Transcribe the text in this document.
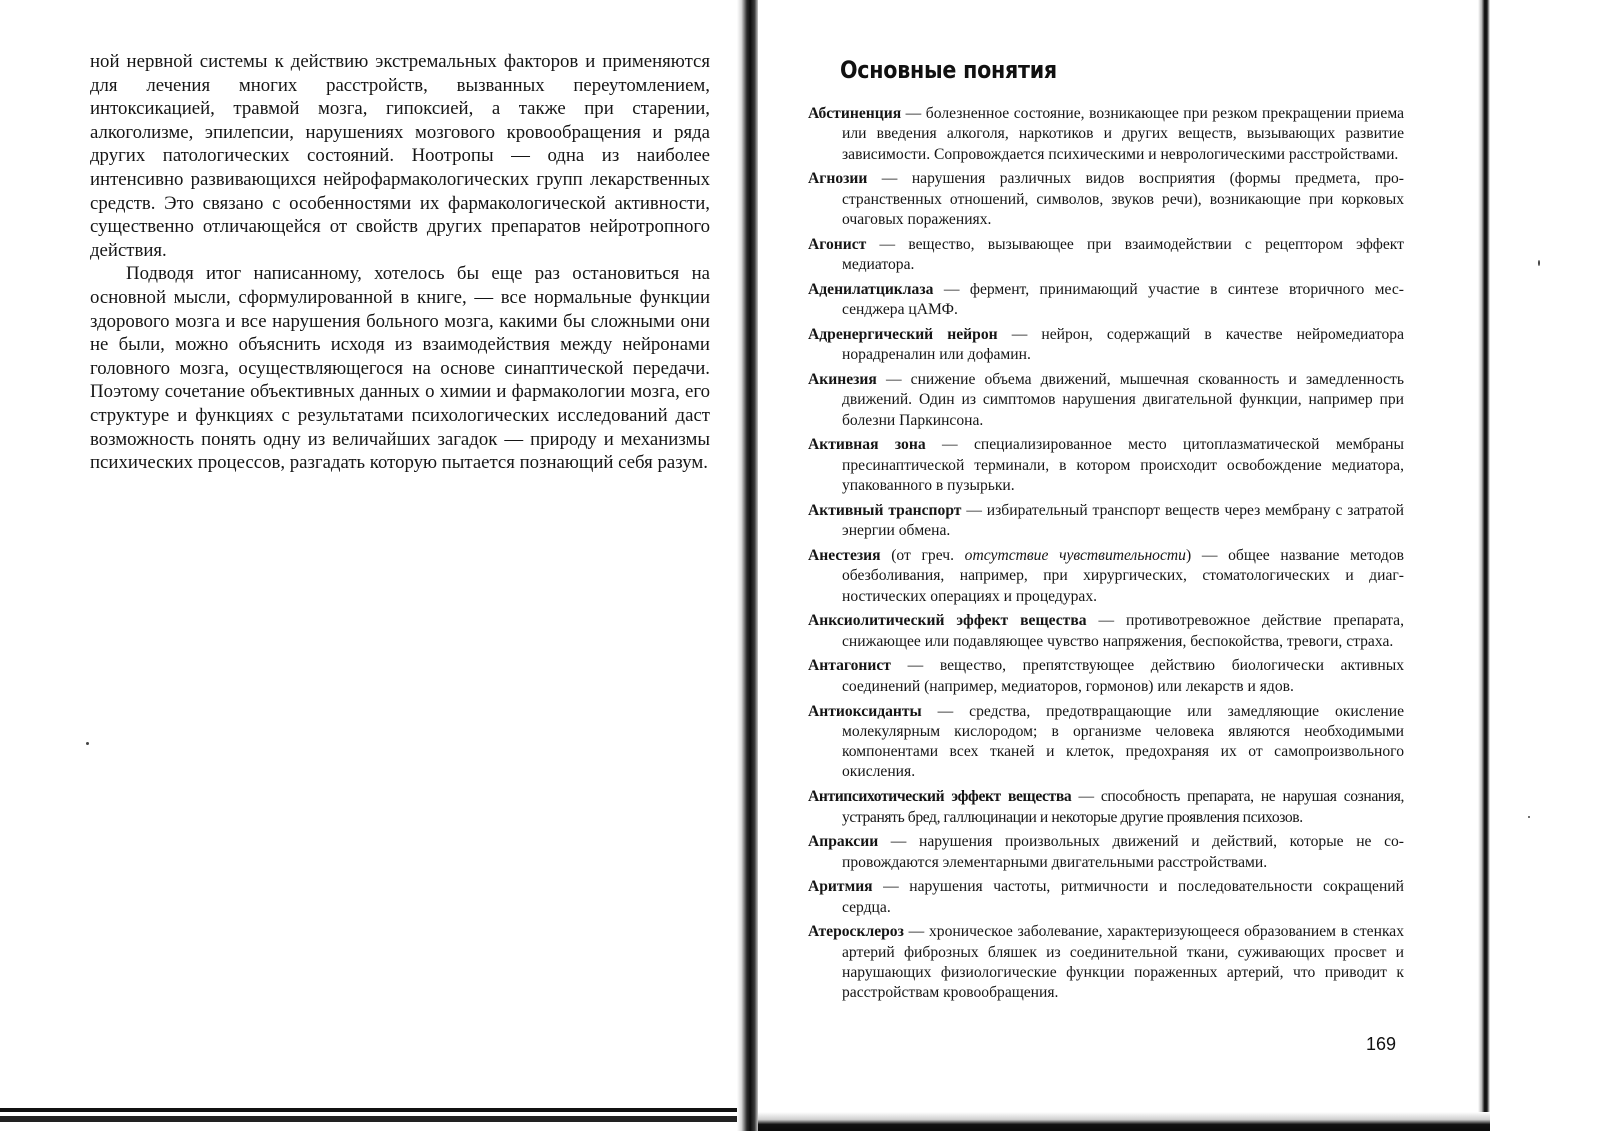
ной нервной системы к действию экстремальных факторов и применяются для лечения многих расстройств, вызванных переутомлением, интоксикацией, травмой мозга, гипоксией, а также при старении, алкоголизме, эпилепсии, нарушениях мозгового кровообращения и ряда других патологических состояний. Ноотропы — одна из наиболее интенсивно развивающихся нейрофармакологических групп лекарственных средств. Это связано с особенностями их фармакологической активности, существенно отличающейся от свойств других препаратов нейротропного действия.

Подводя итог написанному, хотелось бы еще раз остановиться на основной мысли, сформулированной в книге, — все нормальные функции здорового мозга и все нарушения больного мозга, какими бы сложными они не были, можно объяснить исходя из взаимодействия между нейронами головного мозга, осуществляющегося на основе синаптической передачи. Поэтому сочетание объективных данных о химии и фармакологии мозга, его структуре и функциях с результатами психологических исследований даст возможность понять одну из величайших загадок — природу и механизмы психических процессов, разгадать которую пытается познающий себя разум.

Основные понятия

Абстиненция — болезненное состояние, возникающее при резком прекращении приема или введения алкоголя, наркотиков и других веществ, вызывающих развитие зависимости. Сопровождается психическими и неврологическими расстройствами.

Агнозии — нарушения различных видов восприятия (формы предмета, пространственных отношений, символов, звуков речи), возникающие при корковых очаговых поражениях.

Агонист — вещество, вызывающее при взаимодействии с рецептором эффект медиатора.

Аденилатциклаза — фермент, принимающий участие в синтезе вторичного мессенджера цАМФ.

Адренергический нейрон — нейрон, содержащий в качестве нейромедиатора норадреналин или дофамин.

Акинезия — снижение объема движений, мышечная скованность и замедленность движений. Один из симптомов нарушения двигательной функции, например при болезни Паркинсона.

Активная зона — специализированное место цитоплазматической мембраны пресинаптической терминали, в котором происходит освобождение медиатора, упакованного в пузырьки.

Активный транспорт — избирательный транспорт веществ через мембрану с затратой энергии обмена.

Анестезия (от греч. отсутствие чувствительности) — общее название методов обезболивания, например, при хирургических, стоматологических и диагностических операциях и процедурах.

Анксиолитический эффект вещества — противотревожное действие препарата, снижающее или подавляющее чувство напряжения, беспокойства, тревоги, страха.

Антагонист — вещество, препятствующее действию биологически активных соединений (например, медиаторов, гормонов) или лекарств и ядов.

Антиоксиданты — средства, предотвращающие или замедляющие окисление молекулярным кислородом; в организме человека являются необходимыми компонентами всех тканей и клеток, предохраняя их от самопроизвольного окисления.

Антипсихотический эффект вещества — способность препарата, не нарушая сознания, устранять бред, галлюцинации и некоторые другие проявления психозов.

Апраксии — нарушения произвольных движений и действий, которые не сопровождаются элементарными двигательными расстройствами.

Аритмия — нарушения частоты, ритмичности и последовательности сокращений сердца.

Атеросклероз — хроническое заболевание, характеризующееся образованием в стенках артерий фиброзных бляшек из соединительной ткани, суживающих просвет и нарушающих физиологические функции пораженных артерий, что приводит к расстройствам кровообращения.

169
